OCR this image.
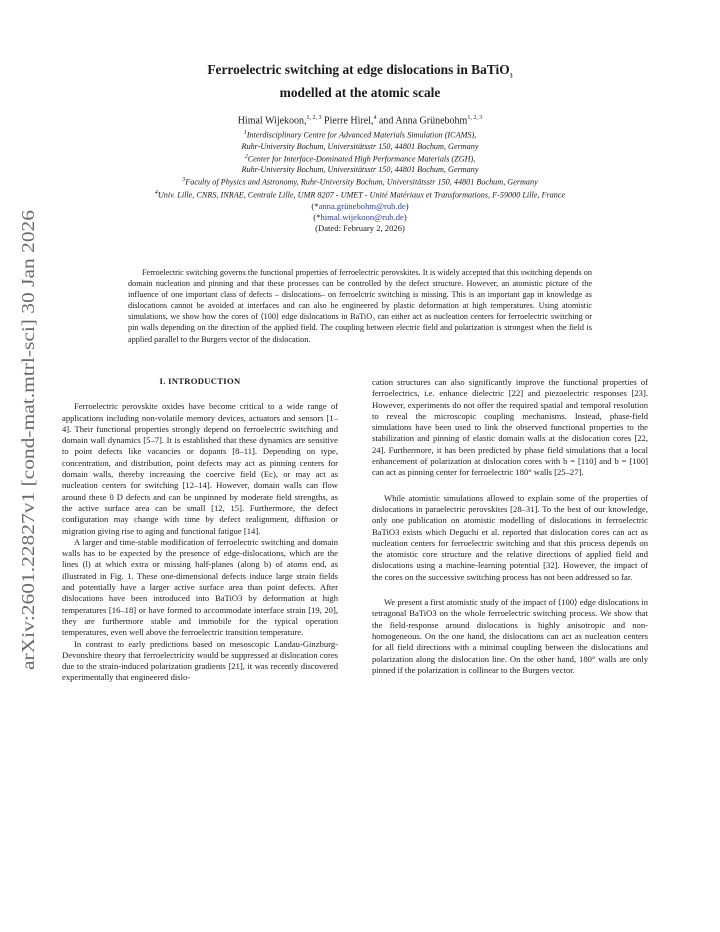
arXiv:2601.22827v1 [cond-mat.mtrl-sci] 30 Jan 2026
Ferroelectric switching at edge dislocations in BaTiO$_3$
modelled at the atomic scale
Himal Wijekoon,$^{1, 2, 3}$ Pierre Hirel,$^4$ and Anna Grünebohm$^{1, 2, 3}$
$^1$Interdisciplinary Centre for Advanced Materials Simulation (ICAMS),
Ruhr-University Bochum, Universitätsstr 150, 44801 Bochum, Germany
$^2$Center for Interface-Dominated High Performance Materials (ZGH),
Ruhr-University Bochum, Universitätsstr 150, 44801 Bochum, Germany
$^3$Faculty of Physics and Astronomy, Ruhr-University Bochum, Universitätsstr 150, 44801 Bochum, Germany
$^4$Univ. Lille, CNRS, INRAE, Centrale Lille, UMR 8207 - UMET - Unité Matériaux et Transformations, F-59000 Lille, France
(*anna.grünebohm@rub.de)
(*himal.wijekoon@rub.de)
(Dated: February 2, 2026)
Ferroelectric switching governs the functional properties of ferroelectric perovskites. It is widely accepted that this switching depends on domain nucleation and pinning and that these processes can be controlled by the defect structure. However, an atomistic picture of the influence of one important class of defects – dislocations– on ferroelctric switching is missing. This is an important gap in knowledge as dislocations cannot be avoided at interfaces and can also be engineered by plastic deformation at high temperatures. Using atomistic simulations, we show how the cores of ⟨100⟩ edge dislocations in BaTiO₃ can either act as nucleation centers for ferroelectric switching or pin walls depending on the direction of the applied field. The coupling between electric field and polarization is strongest when the field is applied parallel to the Burgers vector of the dislocation.
I. INTRODUCTION

Ferroelectric perovskite oxides have become critical to a wide range of applications including non-volatile memory devices, actuators and sensors [1–4]. Their functional properties strongly depend on ferroelectric switching and domain wall dynamics [5–7]. It is established that these dynamics are sensitive to point defects like vacancies or dopants [8–11]. Depending on type, concentration, and distribution, point defects may act as pinning centers for domain walls, thereby increasing the coercive field (Ec), or may act as nucleation centers for switching [12–14]. However, domain walls can flow around these 0 D defects and can be unpinned by moderate field strengths, as the active surface area can be small [12, 15]. Furthermore, the defect configuration may change with time by defect realignment, diffusion or migration giving rise to aging and functional fatigue [14].

A larger and time-stable modification of ferroelectric switching and domain walls has to be expected by the presence of edge-dislocations, which are the lines (l) at which extra or missing half-planes (along b) of atoms end, as illustrated in Fig. 1. These one-dimensional defects induce large strain fields and potentially have a larger active surface area than point defects. After dislocations have been introduced into BaTiO3 by deformation at high temperatures [16–18] or have formed to accommodate interface strain [19, 20], they are furthermore stable and immobile for the typical operation temperatures, even well above the ferroelectric transition temperature.

In contrast to early predictions based on mesoscopic Landau-Ginzburg-Devonshire theory that ferroelectricity would be suppressed at dislocation cores due to the strain-induced polarization gradients [21], it was recently discovered experimentally that engineered dislo-

cation structures can also significantly improve the functional properties of ferroelectrics, i.e. enhance dielectric [22] and piezoelectric responses [23]. However, experiments do not offer the required spatial and temporal resolution to reveal the microscopic coupling mechanisms. Instead, phase-field simulations have been used to link the observed functional properties to the stabilization and pinning of elastic domain walls at the dislocation cores [22, 24]. Furthermore, it has been predicted by phase field simulations that a local enhancement of polarization at dislocation cores with b = [110] and b = [100] can act as pinning center for ferroelectric 180° walls [25–27].

While atomistic simulations allowed to explain some of the properties of dislocations in paraelectric perovskites [28–31]. To the best of our knowledge, only one publication on atomistic modelling of dislocations in ferroelectric BaTiO3 exists which Deguchi et al. reported that dislocation cores can act as nucleation centers for ferroelectric switching and that this process depends on the atomistic core structure and the relative directions of applied field and dislocations using a machine-learning potential [32]. However, the impact of the cores on the successive switching process has not been addressed so far.

We present a first atomistic study of the impact of ⟨100⟩ edge dislocations in tetragonal BaTiO3 on the whole ferroelectric switching process. We show that the field-response around dislocations is highly anisotropic and non-homogeneous. On the one hand, the dislocations can act as nucleation centers for all field directions with a minimal coupling between the dislocations and polarization along the dislocation line. On the other hand, 180° walls are only pinned if the polarization is collinear to the Burgers vector.
